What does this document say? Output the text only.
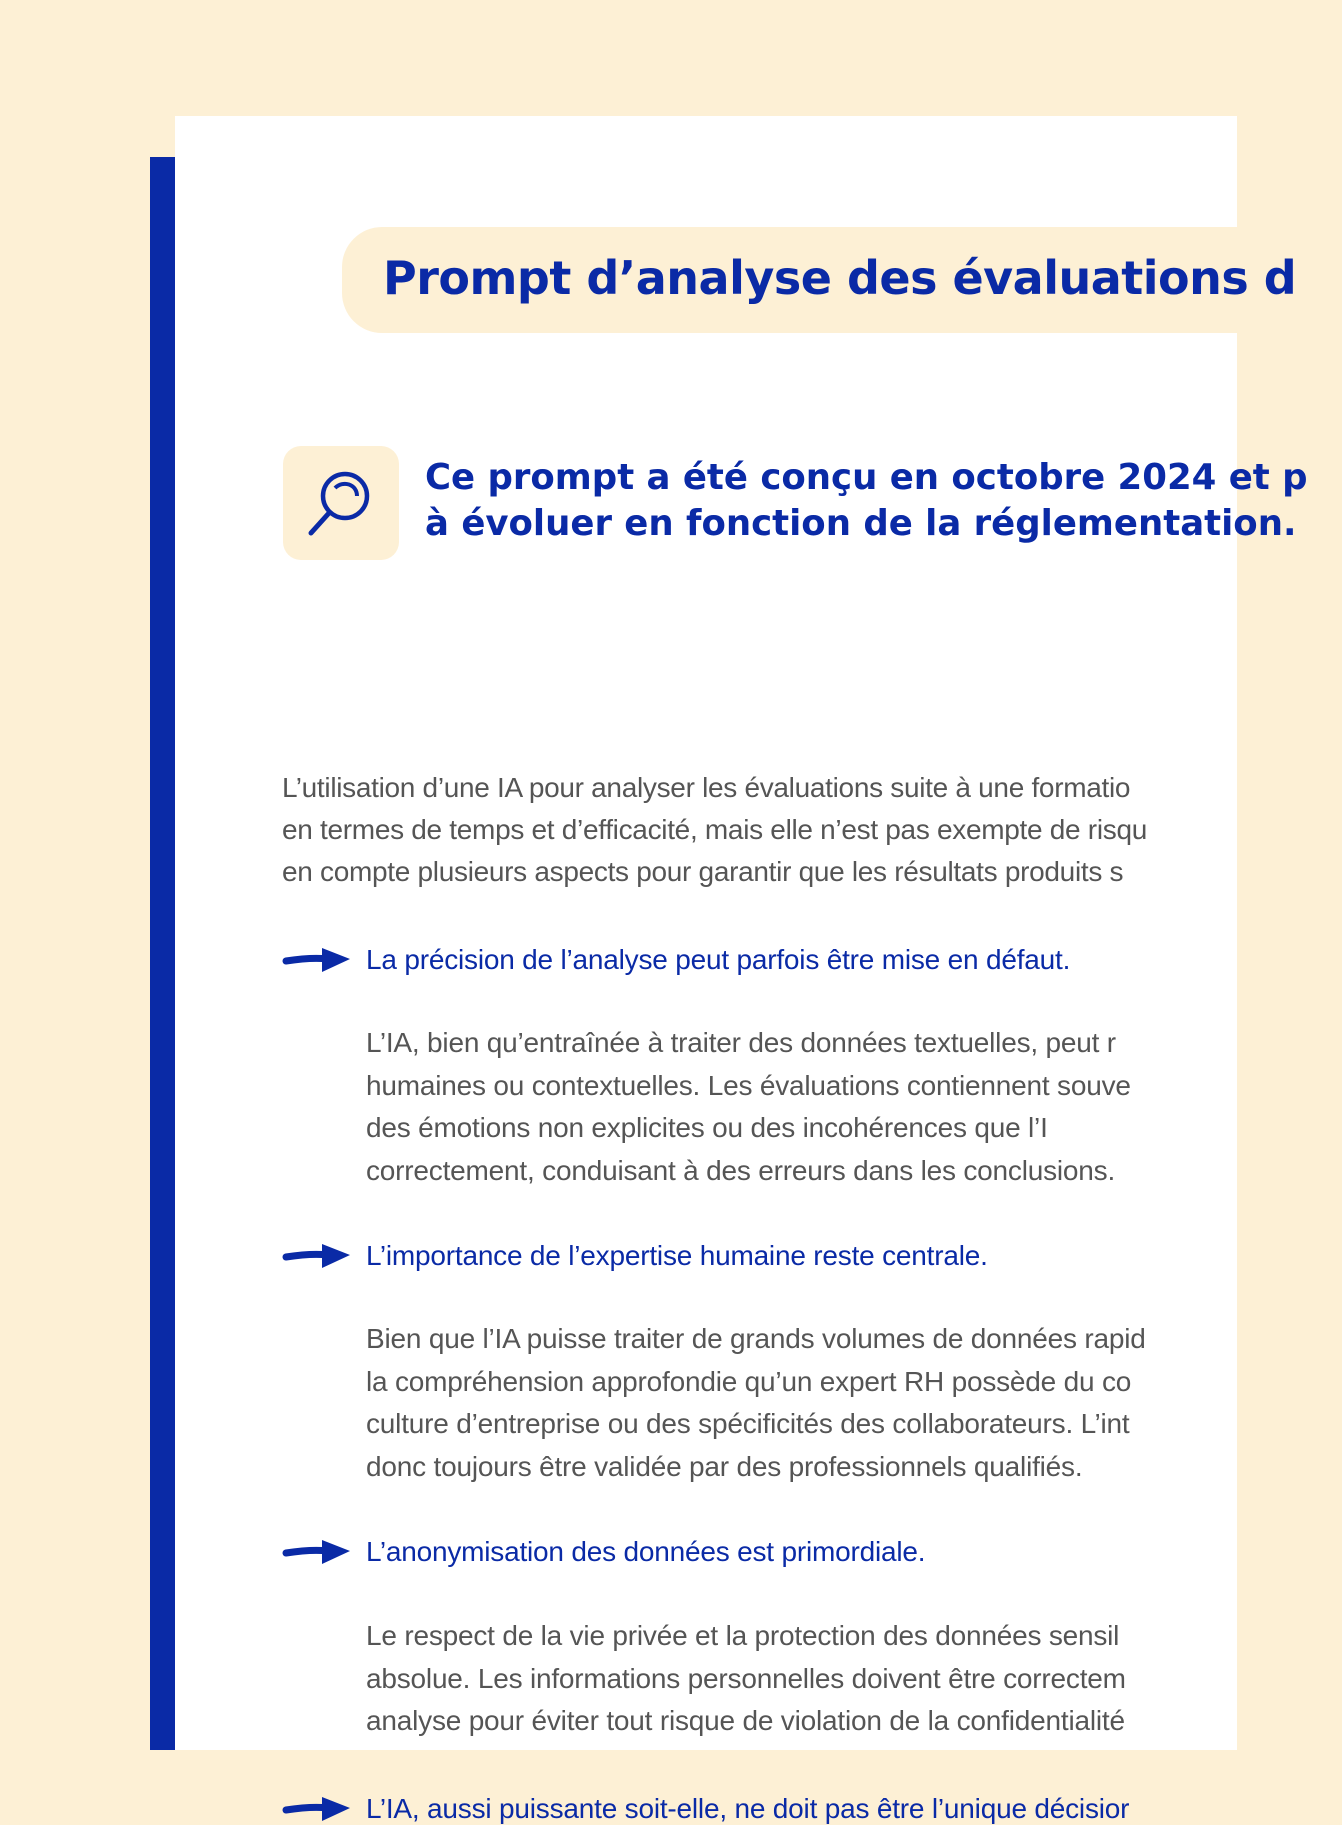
Prompt d’analyse des évaluations d

Ce prompt a été conçu en octobre 2024 et p
à évoluer en fonction de la réglementation.

L’utilisation d’une IA pour analyser les évaluations suite à une formatio
en termes de temps et d’efficacité, mais elle n’est pas exempte de risqu
en compte plusieurs aspects pour garantir que les résultats produits s

La précision de l’analyse peut parfois être mise en défaut.

L’IA, bien qu’entraînée à traiter des données textuelles, peut r
humaines ou contextuelles. Les évaluations contiennent souve
des émotions non explicites ou des incohérences que l’I
correctement, conduisant à des erreurs dans les conclusions.

L’importance de l’expertise humaine reste centrale.

Bien que l’IA puisse traiter de grands volumes de données rapid
la compréhension approfondie qu’un expert RH possède du co
culture d’entreprise ou des spécificités des collaborateurs. L’int
donc toujours être validée par des professionnels qualifiés.

L’anonymisation des données est primordiale.

Le respect de la vie privée et la protection des données sensil
absolue. Les informations personnelles doivent être correctem
analyse pour éviter tout risque de violation de la confidentialité

L’IA, aussi puissante soit-elle, ne doit pas être l’unique décisior
